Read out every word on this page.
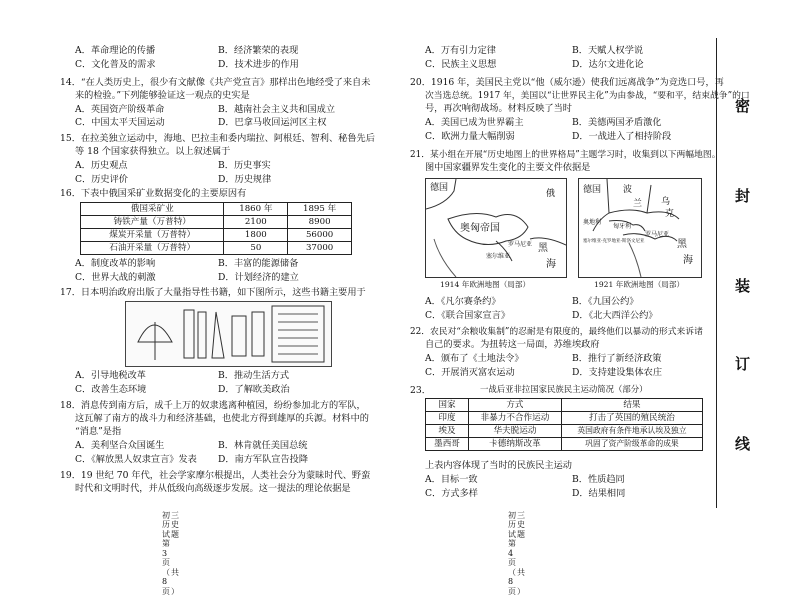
A．革命理论的传播	B．经济繁荣的表现
C．文化普及的需求	D．技术进步的作用
14．“在人类历史上，很少有文献像《共产党宣言》那样出色地经受了来自未
来的检验。”下列能够验证这一观点的史实是
A．英国资产阶级革命	B．越南社会主义共和国成立
C．中国太平天国运动	D．巴拿马收回运河区主权
15．在拉美独立运动中，海地、巴拉圭和委内瑞拉、阿根廷、智利、秘鲁先后
等 18 个国家获得独立。以上叙述属于
A．历史观点	B．历史事实
C．历史评价	D．历史规律
16．下表中俄国采矿业数据变化的主要原因有
俄国采矿业	1860 年	1895 年
铸铁产量（万普特）	2100	8900
煤炭开采量（万普特）	1800	56000
石油开采量（万普特）	50	37000
A．制度改革的影响	B．丰富的能源储备
C．世界大战的刺激	D．计划经济的建立
17．日本明治政府出版了大量指导性书籍，如下图所示，这些书籍主要用于
A．引导地税改革	B．推动生活方式
C．改善生态环境	D．了解欧美政治
18．消息传到南方后，成千上万的奴隶逃离种植园，纷纷参加北方的军队，
这瓦解了南方的战斗力和经济基础，也使北方得到雄厚的兵源。材料中的
“消息”是指
A．美利坚合众国诞生	B．林肯就任美国总统
C．《解放黑人奴隶宣言》发表 D．南方军队宣告投降
19．19 世纪 70 年代，社会学家摩尔根提出，人类社会分为蒙昧时代、野蛮
时代和文明时代，并从低级向高级逐步发展。这一提法的理论依据是
初三历史试题 第 3 页（共 8 页）
A．万有引力定律	B．天赋人权学说
C．民族主义思想	D．达尔文进化论
20．1916 年，美国民主党以“他（威尔逊）使我们远离战争”为竞选口号，再
次当选总统。1917 年，美国以“让世界民主化”为由参战，“要和平，结束战争”的口
号，再次响彻战场。材料反映了当时
A．美国已成为世界霸主	B．美德两国矛盾激化
C．欧洲力量大幅削弱	D．一战进入了相持阶段
21．某小组在开展“历史地图上的世界格局”主题学习时，收集到以下两幅地图。
图中国家疆界发生变化的主要文件依据是
德国
奥匈帝国
罗马尼亚
塞尔维亚
黑
海
俄
1914 年欧洲地图（局部）
德国 波
兰 乌
克
奥地利
匈牙利
罗马尼亚
塞尔维亚-克罗地亚-斯洛文尼亚	黑
海
1921 年欧洲地图（局部）
A．《凡尔赛条约》	B．《九国公约》
C．《联合国家宣言》	D．《北大西洋公约》
22．农民对“余粮收集制”的忍耐是有限度的，最终他们以暴动的形式来诉诸
自己的要求。为扭转这一局面，苏维埃政府
A．颁布了《土地法令》	B．推行了新经济政策
C．开展消灭富农运动	D．支持建设集体农庄
23．	一战后亚非拉国家民族民主运动简况（部分）
国家	方式	结果
印度	非暴力不合作运动	打击了英国的殖民统治
埃及	华夫脱运动	英国政府有条件地承认埃及独立
墨西哥	卡德纳斯改革	巩固了资产阶级革命的成果
上表内容体现了当时的民族民主运动
A．目标一致	B．性质趋同
C．方式多样	D．结果相同
初三历史试题 第 4 页（共 8 页）
密
封
装
订
线
